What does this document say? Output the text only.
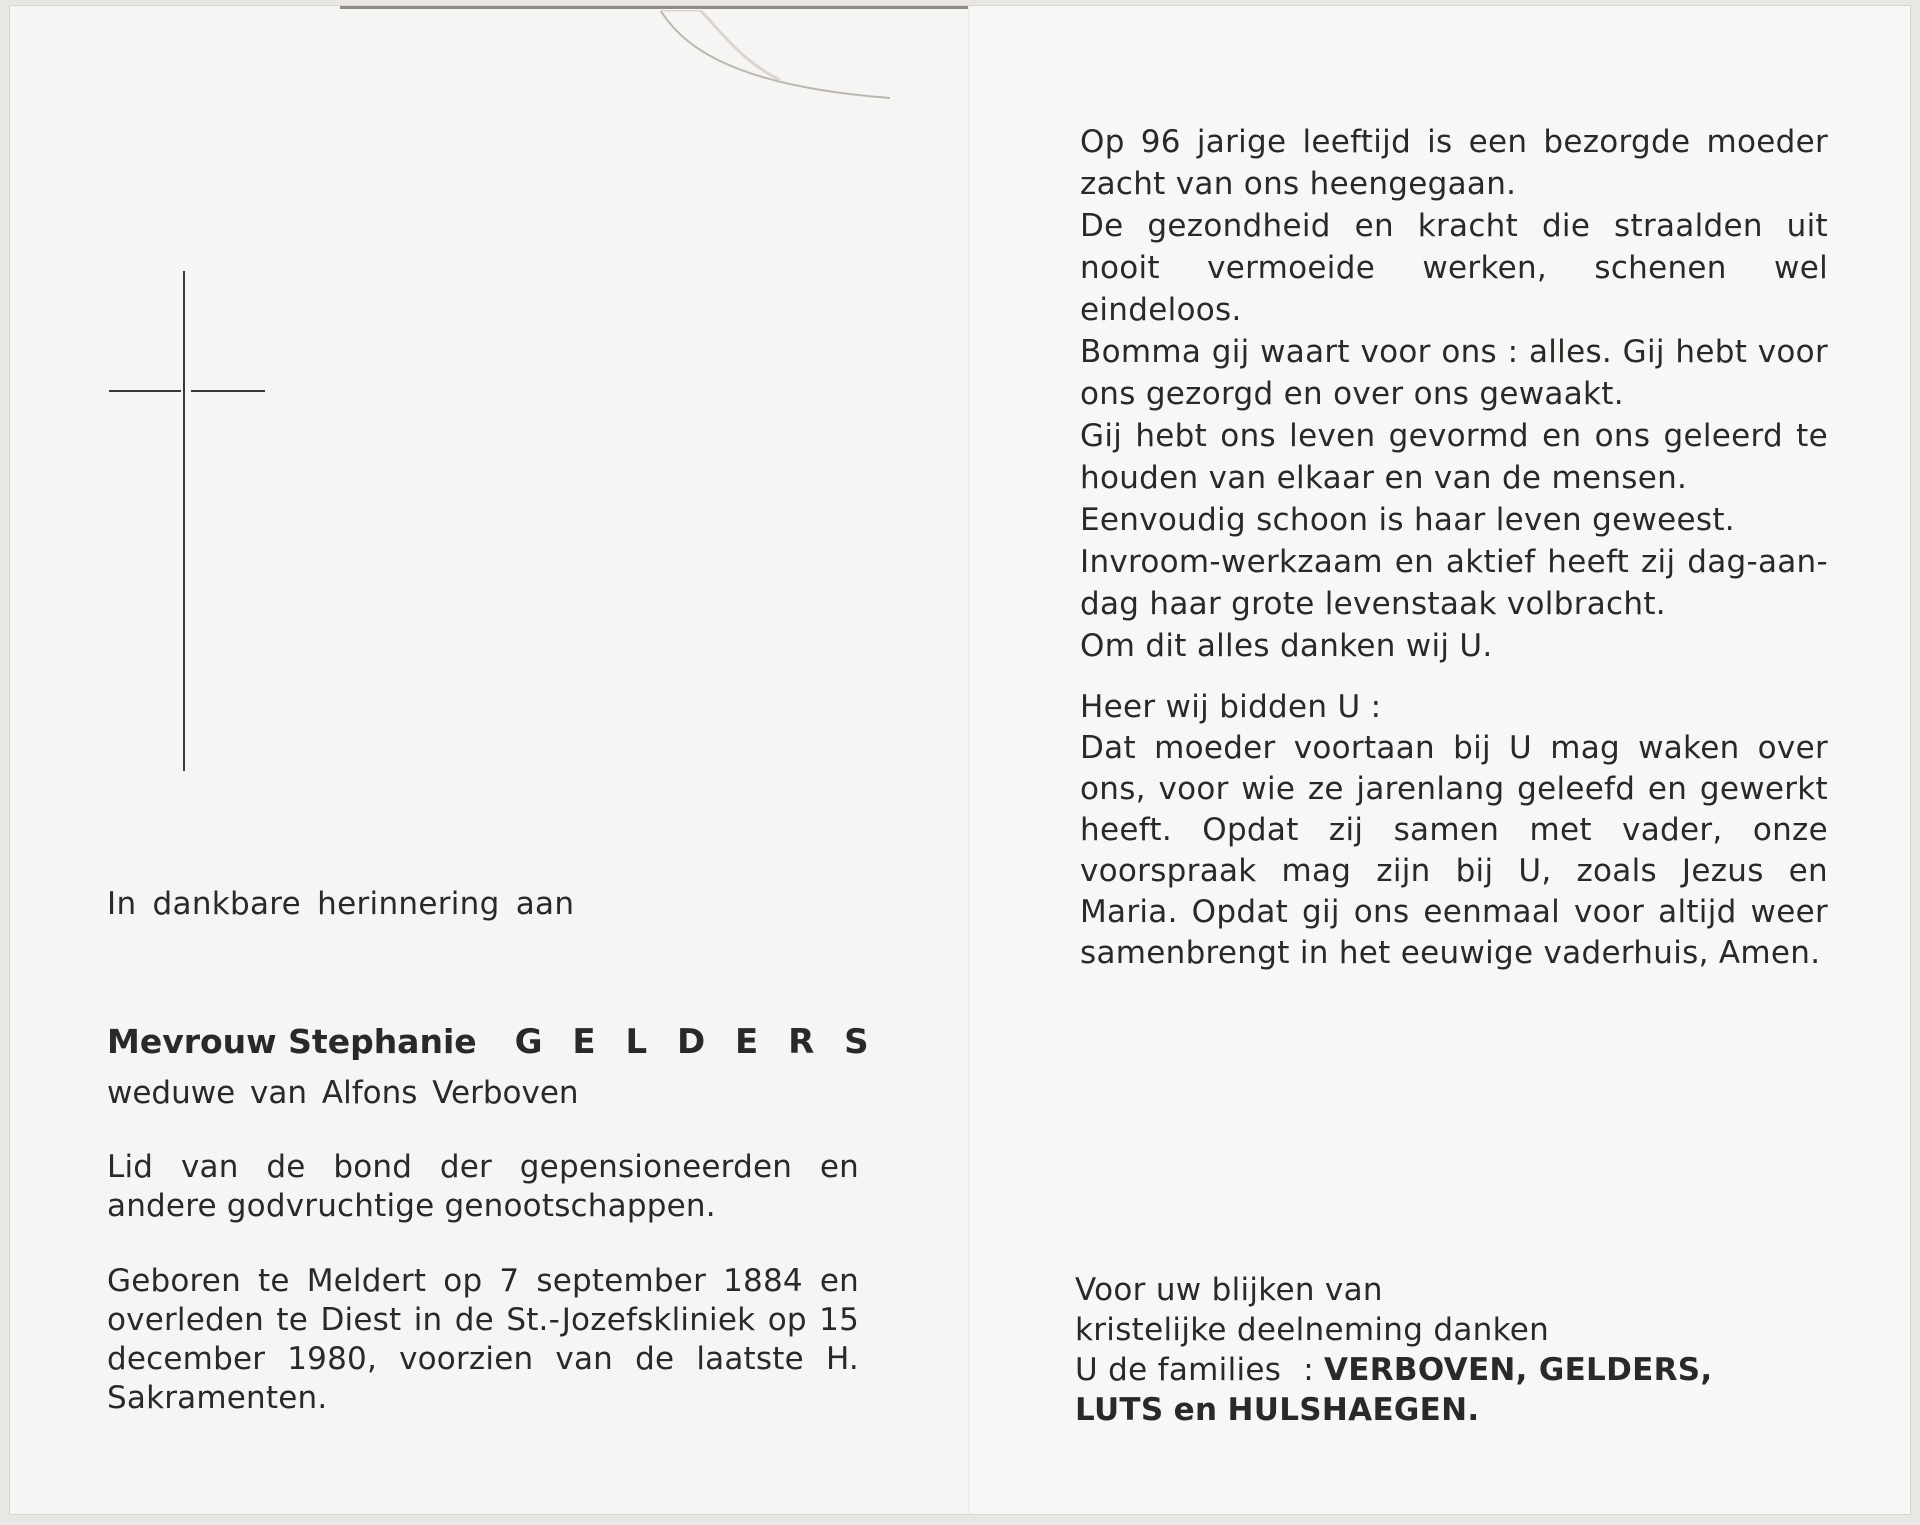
In dankbare herinnering aan
Mevrouw Stephanie G E L D E R S
weduwe van Alfons Verboven
Lid van de bond der gepensioneerden en andere godvruchtige genootschappen.
Geboren te Meldert op 7 september 1884 en overleden te Diest in de St.-Jozefskliniek op 15 december 1980, voorzien van de laatste H. Sakramenten.

Op 96 jarige leeftijd is een bezorgde moeder zacht van ons heengegaan.

De gezondheid en kracht die straalden uit nooit vermoeide werken, schenen wel eindeloos.

Bomma gij waart voor ons : alles. Gij hebt voor ons gezorgd en over ons gewaakt.

Gij hebt ons leven gevormd en ons geleerd te houden van elkaar en van de mensen.

Eenvoudig schoon is haar leven geweest.

Invroom-werkzaam en aktief heeft zij dag-aan-dag haar grote levenstaak volbracht.

Om dit alles danken wij U.

Heer wij bidden U :

Dat moeder voortaan bij U mag waken over ons, voor wie ze jarenlang geleefd en gewerkt heeft. Opdat zij samen met vader, onze voorspraak mag zijn bij U, zoals Jezus en Maria. Opdat gij ons eenmaal voor altijd weer samenbrengt in het eeuwige vaderhuis, Amen.

Voor uw blijken van
kristelijke deelneming danken
U de families : VERBOVEN, GELDERS,
LUTS en HULSHAEGEN.
